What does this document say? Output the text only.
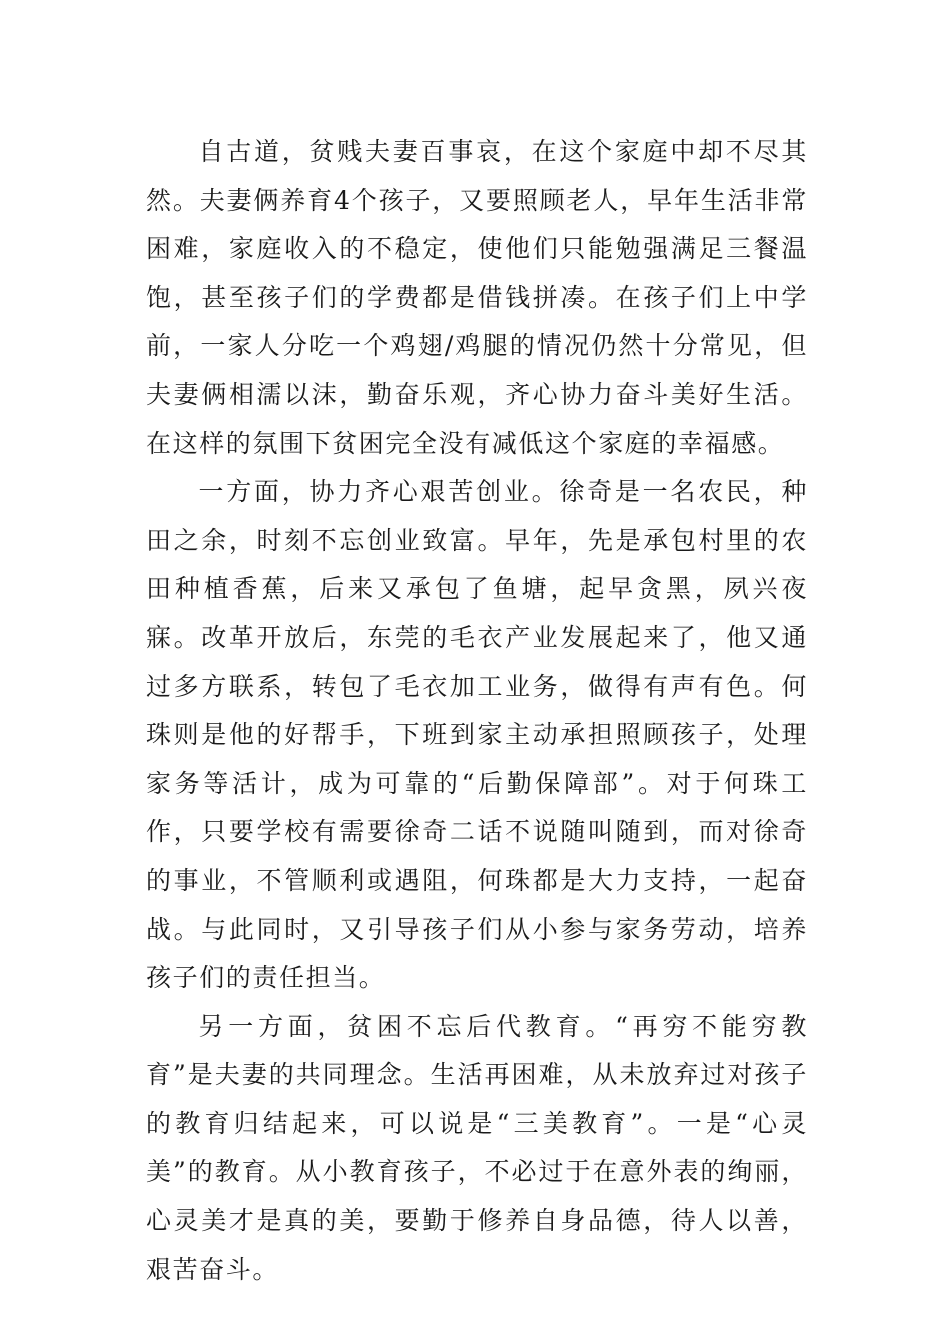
自古道，贫贱夫妻百事哀，在这个家庭中却不尽其然。夫妻俩养育4个孩子，又要照顾老人，早年生活非常困难，家庭收入的不稳定，使他们只能勉强满足三餐温饱，甚至孩子们的学费都是借钱拼凑。在孩子们上中学前，一家人分吃一个鸡翅/鸡腿的情况仍然十分常见，但夫妻俩相濡以沫，勤奋乐观，齐心协力奋斗美好生活。在这样的氛围下贫困完全没有减低这个家庭的幸福感。

一方面，协力齐心艰苦创业。徐奇是一名农民，种田之余，时刻不忘创业致富。早年，先是承包村里的农田种植香蕉，后来又承包了鱼塘，起早贪黑，夙兴夜寐。改革开放后，东莞的毛衣产业发展起来了，他又通过多方联系，转包了毛衣加工业务，做得有声有色。何珠则是他的好帮手，下班到家主动承担照顾孩子，处理家务等活计，成为可靠的“后勤保障部”。对于何珠工作，只要学校有需要徐奇二话不说随叫随到，而对徐奇的事业，不管顺利或遇阻，何珠都是大力支持，一起奋战。与此同时，又引导孩子们从小参与家务劳动，培养孩子们的责任担当。

另一方面，贫困不忘后代教育。“再穷不能穷教育”是夫妻的共同理念。生活再困难，从未放弃过对孩子的教育归结起来，可以说是“三美教育”。一是“心灵美”的教育。从小教育孩子，不必过于在意外表的绚丽，心灵美才是真的美，要勤于修养自身品德，待人以善，艰苦奋斗。
